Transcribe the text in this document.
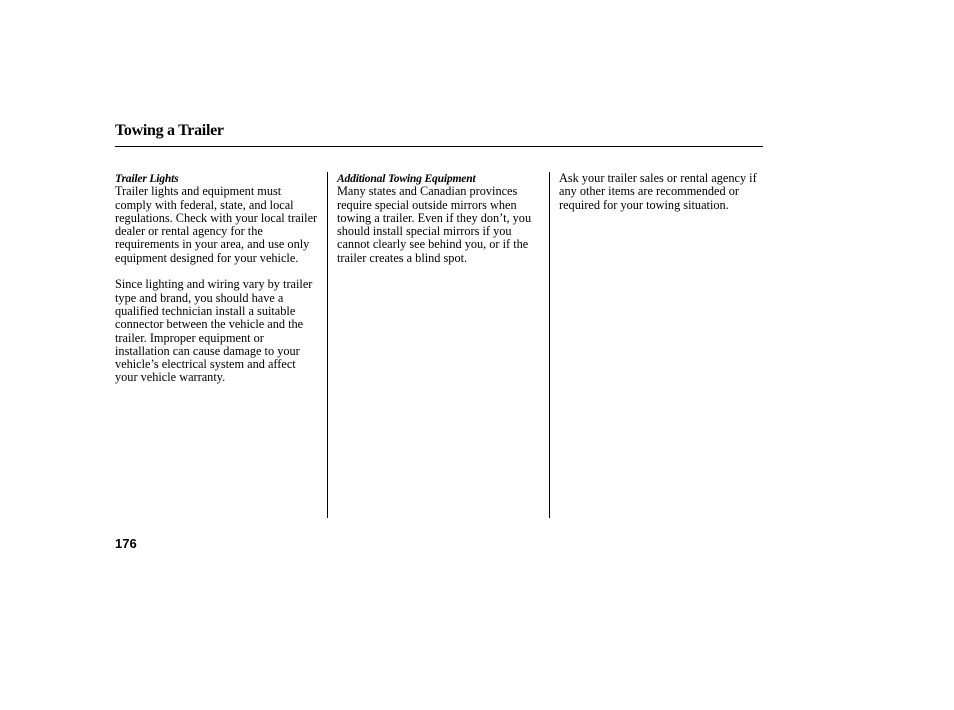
Towing a Trailer
Trailer Lights

Trailer lights and equipment must comply with federal, state, and local regulations. Check with your local trailer dealer or rental agency for the requirements in your area, and use only equipment designed for your vehicle.

Since lighting and wiring vary by trailer type and brand, you should have a qualified technician install a suitable connector between the vehicle and the trailer. Improper equipment or installation can cause damage to your vehicle’s electrical system and affect your vehicle warranty.

Additional Towing Equipment

Many states and Canadian provinces require special outside mirrors when towing a trailer. Even if they don’t, you should install special mirrors if you cannot clearly see behind you, or if the trailer creates a blind spot.

Ask your trailer sales or rental agency if any other items are recommended or required for your towing situation.

176
